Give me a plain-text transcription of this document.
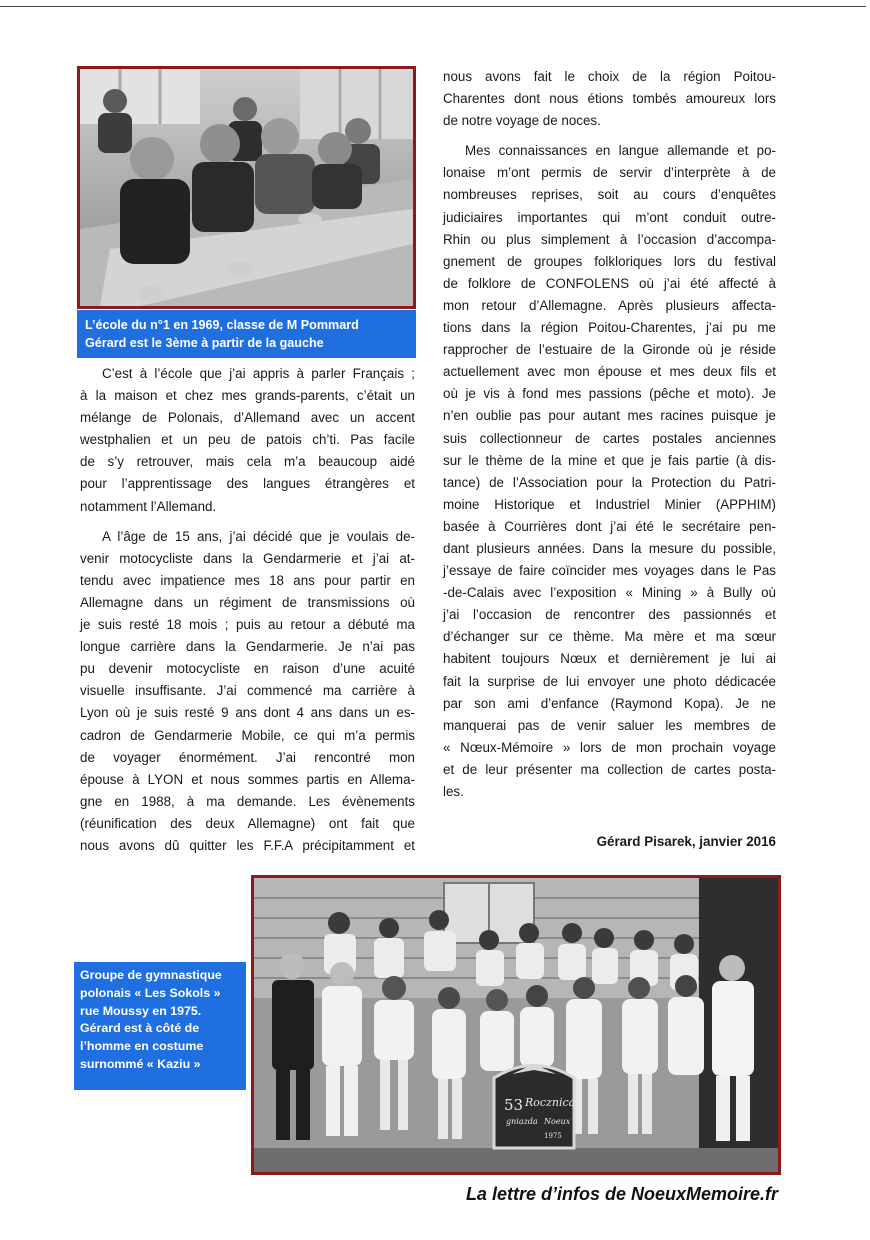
L’école du n°1 en 1969, classe de M Pommard
Gérard est le 3ème à partir de la gauche

C’est à l’école que j’ai appris à parler Français ;
à la maison et chez mes grands-parents, c’était un
mélange de Polonais, d’Allemand avec un accent
westphalien et un peu de patois ch’ti. Pas facile
de s’y retrouver, mais cela m’a beaucoup aidé
pour l’apprentissage des langues étrangères et
notamment l’Allemand.

A l’âge de 15 ans, j’ai décidé que je voulais de-
venir motocycliste dans la Gendarmerie et j’ai at-
tendu avec impatience mes 18 ans pour partir en
Allemagne dans un régiment de transmissions où
je suis resté 18 mois ; puis au retour a débuté ma
longue carrière dans la Gendarmerie. Je n’ai pas
pu devenir motocycliste en raison d’une acuité
visuelle insuffisante. J’ai commencé ma carrière à
Lyon où je suis resté 9 ans dont 4 ans dans un es-
cadron de Gendarmerie Mobile, ce qui m’a permis
de voyager énormément. J’ai rencontré mon
épouse à LYON et nous sommes partis en Allema-
gne en 1988, à ma demande. Les évènements
(réunification des deux Allemagne) ont fait que
nous avons dû quitter les F.F.A précipitamment et

nous avons fait le choix de la région Poitou-
Charentes dont nous étions tombés amoureux lors
de notre voyage de noces.

Mes connaissances en langue allemande et po-
lonaise m’ont permis de servir d’interprète à de
nombreuses reprises, soit au cours d’enquêtes
judiciaires importantes qui m’ont conduit outre-
Rhin ou plus simplement à l’occasion d’accompa-
gnement de groupes folkloriques lors du festival
de folklore de CONFOLENS où j’ai été affecté à
mon retour d’Allemagne. Après plusieurs affecta-
tions dans la région Poitou-Charentes, j’ai pu me
rapprocher de l’estuaire de la Gironde où je réside
actuellement avec mon épouse et mes deux fils et
où je vis à fond mes passions (pêche et moto). Je
n’en oublie pas pour autant mes racines puisque je
suis collectionneur de cartes postales anciennes
sur le thème de la mine et que je fais partie (à dis-
tance) de l’Association pour la Protection du Patri-
moine Historique et Industriel Minier (APPHIM)
basée à Courrières dont j’ai été le secrétaire pen-
dant plusieurs années. Dans la mesure du possible,
j’essaye de faire coïncider mes voyages dans le Pas
-de-Calais avec l’exposition « Mining » à Bully où
j’ai l’occasion de rencontrer des passionnés et
d’échanger sur ce thème. Ma mère et ma sœur
habitent toujours Nœux et dernièrement je lui ai
fait la surprise de lui envoyer une photo dédicacée
par son ami d’enfance (Raymond Kopa). Je ne
manquerai pas de venir saluer les membres de
« Nœux-Mémoire » lors de mon prochain voyage
et de leur présenter ma collection de cartes posta-
les.

Gérard Pisarek, janvier 2016
Groupe de gymnastique
polonais « Les Sokols »
rue Moussy en 1975.
Gérard est à côté de
l’homme en costume
surnommé « Kaziu »
53 Rocznica
gniazda Noeux
1975
La lettre d’infos de NoeuxMemoire.fr
